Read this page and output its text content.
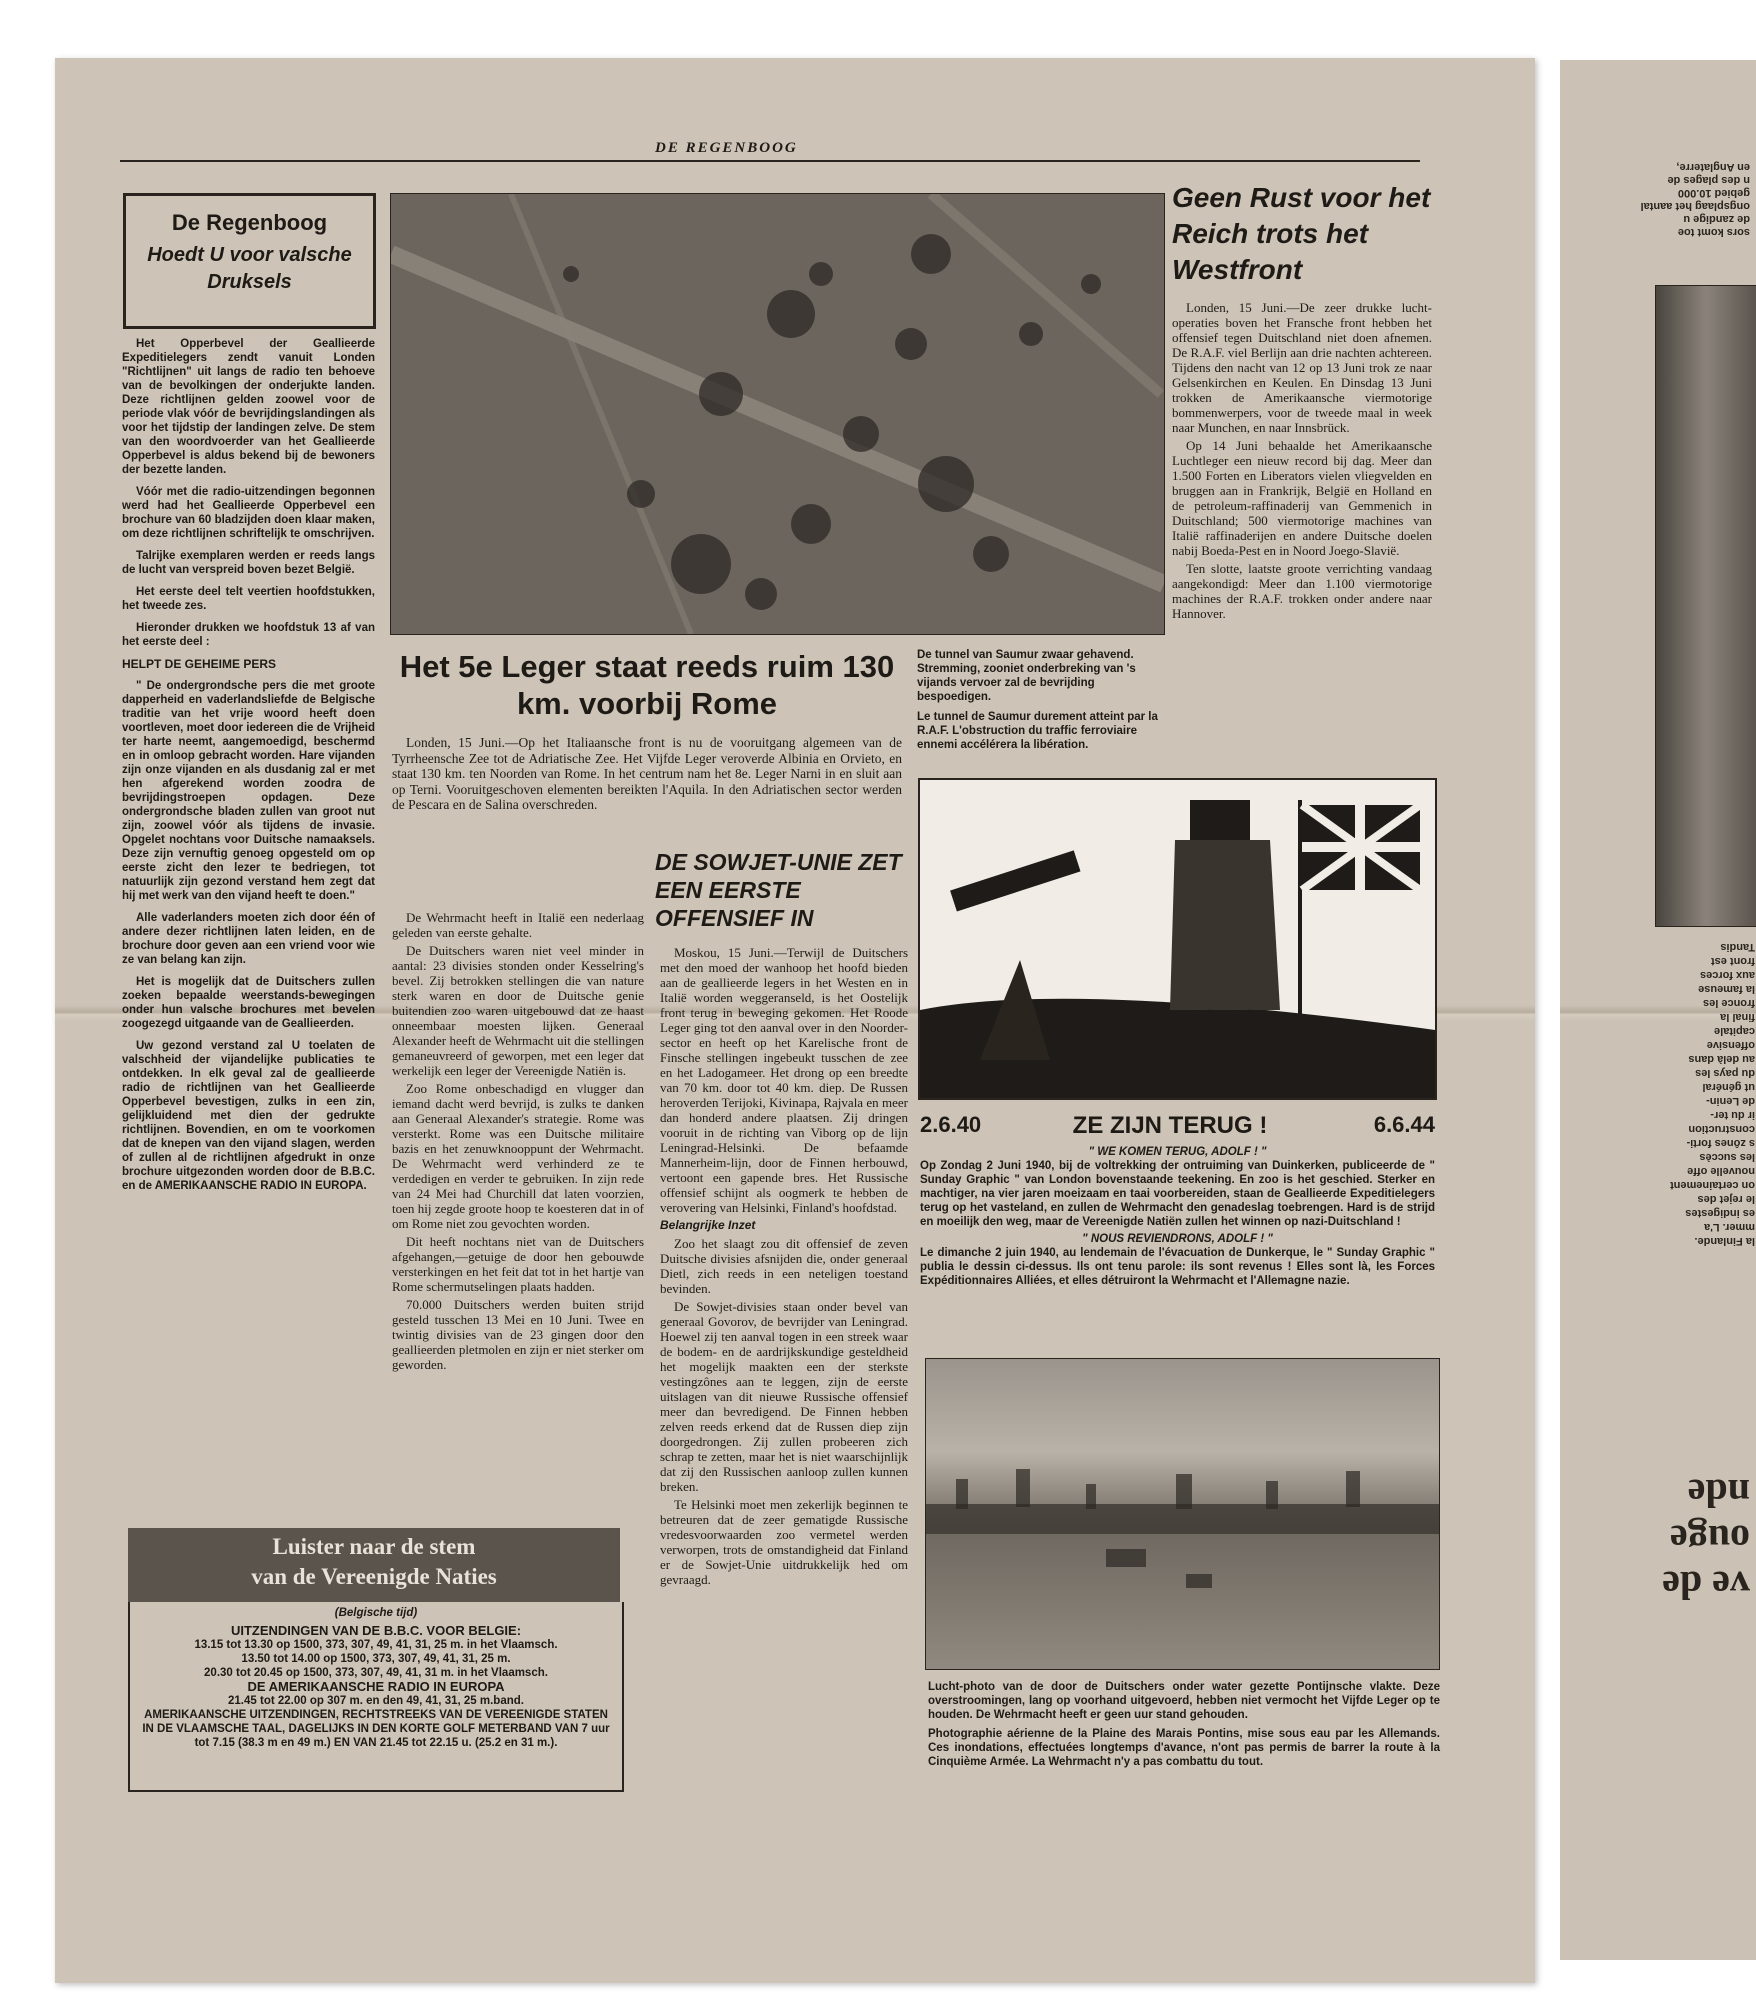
DE REGENBOOG
De Regenboog
Hoedt U voor valsche Druksels

Het Opperbevel der Geallieerde Expeditielegers zendt vanuit Londen "Richtlijnen" uit langs de radio ten behoeve van de bevolkingen der onderjukte landen. Deze richtlijnen gelden zoowel voor de periode vlak vóór de bevrijdingslandingen als voor het tijdstip der landingen zelve. De stem van den woordvoerder van het Geallieerde Opperbevel is aldus bekend bij de bewoners der bezette landen.

Vóór met die radio-uitzendingen begonnen werd had het Geallieerde Opperbevel een brochure van 60 bladzijden doen klaar maken, om deze richtlijnen schriftelijk te omschrijven.

Talrijke exemplaren werden er reeds langs de lucht van verspreid boven bezet België.

Het eerste deel telt veertien hoofdstukken, het tweede zes.

Hieronder drukken we hoofdstuk 13 af van het eerste deel :

HELPT DE GEHEIME PERS

" De ondergrondsche pers die met groote dapperheid en vaderlandsliefde de Belgische traditie van het vrije woord heeft doen voortleven, moet door iedereen die de Vrijheid ter harte neemt, aangemoedigd, beschermd en in omloop gebracht worden. Hare vijanden zijn onze vijanden en als dusdanig zal er met hen afgerekend worden zoodra de bevrijdingstroepen opdagen. Deze ondergrondsche bladen zullen van groot nut zijn, zoowel vóór als tijdens de invasie. Opgelet nochtans voor Duitsche namaaksels. Deze zijn vernuftig genoeg opgesteld om op eerste zicht den lezer te bedriegen, tot natuurlijk zijn gezond verstand hem zegt dat hij met werk van den vijand heeft te doen."

Alle vaderlanders moeten zich door één of andere dezer richtlijnen laten leiden, en de brochure door geven aan een vriend voor wie ze van belang kan zijn.

Het is mogelijk dat de Duitschers zullen zoeken bepaalde weerstands-bewegingen onder hun valsche brochures met bevelen zoogezegd uitgaande van de Geallieerden.

Uw gezond verstand zal U toelaten de valschheid der vijandelijke publicaties te ontdekken. In elk geval zal de geallieerde radio de richtlijnen van het Geallieerde Opperbevel bevestigen, zulks in een zin, gelijkluidend met dien der gedrukte richtlijnen. Bovendien, en om te voorkomen dat de knepen van den vijand slagen, werden of zullen al de richtlijnen afgedrukt in onze brochure uitgezonden worden door de B.B.C. en de AMERIKAANSCHE RADIO IN EUROPA.

Het 5e Leger staat reeds ruim 130 km. voorbij Rome

Londen, 15 Juni.—Op het Italiaansche front is nu de vooruitgang algemeen van de Tyrrheensche Zee tot de Adriatische Zee. Het Vijfde Leger veroverde Albinia en Orvieto, en staat 130 km. ten Noorden van Rome. In het centrum nam het 8e. Leger Narni in en sluit aan op Terni. Vooruitgeschoven elementen bereikten l'Aquila. In den Adriatischen sector werden de Pescara en de Salina overschreden.

De Wehrmacht heeft in Italië een nederlaag geleden van eerste gehalte.

De Duitschers waren niet veel minder in aantal: 23 divisies stonden onder Kesselring's bevel. Zij betrokken stellingen die van nature sterk waren en door de Duitsche genie buitendien zoo waren uitgebouwd dat ze haast onneembaar moesten lijken. Generaal Alexander heeft de Wehrmacht uit die stellingen gemaneuvreerd of geworpen, met een leger dat werkelijk een leger der Vereenigde Natiën is.

Zoo Rome onbeschadigd en vlugger dan iemand dacht werd bevrijd, is zulks te danken aan Generaal Alexander's strategie. Rome was versterkt. Rome was een Duitsche militaire bazis en het zenuwknooppunt der Wehrmacht. De Wehrmacht werd verhinderd ze te verdedigen en verder te gebruiken. In zijn rede van 24 Mei had Churchill dat laten voorzien, toen hij zegde groote hoop te koesteren dat in of om Rome niet zou gevochten worden.

Dit heeft nochtans niet van de Duitschers afgehangen,—getuige de door hen gebouwde versterkingen en het feit dat tot in het hartje van Rome schermutselingen plaats hadden.

70.000 Duitschers werden buiten strijd gesteld tusschen 13 Mei en 10 Juni. Twee en twintig divisies van de 23 gingen door den geallieerden pletmolen en zijn er niet sterker om geworden.

De tunnel van Saumur zwaar gehavend. Stremming, zooniet onderbreking van 's vijands vervoer zal de bevrijding bespoedigen.
Le tunnel de Saumur durement atteint par la R.A.F. L'obstruction du traffic ferroviaire ennemi accélérera la libération.
Geen Rust voor het Reich trots het Westfront

Londen, 15 Juni.—De zeer drukke lucht-operaties boven het Fransche front hebben het offensief tegen Duitschland niet doen afnemen. De R.A.F. viel Berlijn aan drie nachten achtereen. Tijdens den nacht van 12 op 13 Juni trok ze naar Gelsenkirchen en Keulen. En Dinsdag 13 Juni trokken de Amerikaansche viermotorige bommenwerpers, voor de tweede maal in week naar Munchen, en naar Innsbrück.

Op 14 Juni behaalde het Amerikaansche Luchtleger een nieuw record bij dag. Meer dan 1.500 Forten en Liberators vielen vliegvelden en bruggen aan in Frankrijk, België en Holland en de petroleum-raffinaderij van Gemmenich in Duitschland; 500 viermotorige machines van Italië raffinaderijen en andere Duitsche doelen nabij Boeda-Pest en in Noord Joego-Slavië.

Ten slotte, laatste groote verrichting vandaag aangekondigd: Meer dan 1.100 viermotorige machines der R.A.F. trokken onder andere naar Hannover.

DE SOWJET-UNIE ZET EEN EERSTE OFFENSIEF IN

Moskou, 15 Juni.—Terwijl de Duitschers met den moed der wanhoop het hoofd bieden aan de geallieerde legers in het Westen en in Italië worden weggeranseld, is het Oostelijk front terug in beweging gekomen. Het Roode Leger ging tot den aanval over in den Noorder-sector en heeft op het Karelische front de Finsche stellingen ingebeukt tusschen de zee en het Ladogameer. Het drong op een breedte van 70 km. door tot 40 km. diep. De Russen heroverden Terijoki, Kivinapa, Rajvala en meer dan honderd andere plaatsen. Zij dringen vooruit in de richting van Viborg op de lijn Leningrad-Helsinki. De befaamde Mannerheim-lijn, door de Finnen herbouwd, vertoont een gapende bres. Het Russische offensief schijnt als oogmerk te hebben de verovering van Helsinki, Finland's hoofdstad.

Belangrijke Inzet

Zoo het slaagt zou dit offensief de zeven Duitsche divisies afsnijden die, onder generaal Dietl, zich reeds in een neteligen toestand bevinden.

De Sowjet-divisies staan onder bevel van generaal Govorov, de bevrijder van Leningrad. Hoewel zij ten aanval togen in een streek waar de bodem- en de aardrijkskundige gesteldheid het mogelijk maakten een der sterkste vestingzônes aan te leggen, zijn de eerste uitslagen van dit nieuwe Russische offensief meer dan bevredigend. De Finnen hebben zelven reeds erkend dat de Russen diep zijn doorgedrongen. Zij zullen probeeren zich schrap te zetten, maar het is niet waarschijnlijk dat zij den Russischen aanloop zullen kunnen breken.

Te Helsinki moet men zekerlijk beginnen te betreuren dat de zeer gematigde Russische vredesvoorwaarden zoo vermetel werden verworpen, trots de omstandigheid dat Finland er de Sowjet-Unie uitdrukkelijk hed om gevraagd.

2.6.40	ZE ZIJN TERUG !	6.6.44
" WE KOMEN TERUG, ADOLF ! "
Op Zondag 2 Juni 1940, bij de voltrekking der ontruiming van Duinkerken, publiceerde de " Sunday Graphic " van London bovenstaande teekening. En zoo is het geschied. Sterker en machtiger, na vier jaren moeizaam en taai voorbereiden, staan de Geallieerde Expeditielegers terug op het vasteland, en zullen de Wehrmacht den genadeslag toebrengen. Hard is de strijd en moeilijk den weg, maar de Vereenigde Natiën zullen het winnen op nazi-Duitschland !
" NOUS REVIENDRONS, ADOLF ! "
Le dimanche 2 juin 1940, au lendemain de l'évacuation de Dunkerque, le " Sunday Graphic " publia le dessin ci-dessus. Ils ont tenu parole: ils sont revenus ! Elles sont là, les Forces Expéditionnaires Alliées, et elles détruiront la Wehrmacht et l'Allemagne nazie.
Lucht-photo van de door de Duitschers onder water gezette Pontijnsche vlakte. Deze overstroomingen, lang op voorhand uitgevoerd, hebben niet vermocht het Vijfde Leger op te houden. De Wehrmacht heeft er geen uur stand gehouden.
Photographie aérienne de la Plaine des Marais Pontins, mise sous eau par les Allemands. Ces inondations, effectuées longtemps d'avance, n'ont pas permis de barrer la route à la Cinquième Armée. La Wehrmacht n'y a pas combattu du tout.
Luister naar de stem
van de Vereenigde Naties
(Belgische tijd)
UITZENDINGEN VAN DE B.B.C. VOOR BELGIE:
13.15 tot 13.30 op 1500, 373, 307, 49, 41, 31, 25 m. in het Vlaamsch.
13.50 tot 14.00 op 1500, 373, 307, 49, 41, 31, 25 m.
20.30 tot 20.45 op 1500, 373, 307, 49, 41, 31 m. in het Vlaamsch.
DE AMERIKAANSCHE RADIO IN EUROPA
21.45 tot 22.00 op 307 m. en den 49, 41, 31, 25 m.band.
AMERIKAANSCHE UITZENDINGEN, RECHTSTREEKS VAN DE VEREENIGDE STATEN IN DE VLAAMSCHE TAAL, DAGELIJKS IN DEN KORTE GOLF METERBAND VAN 7 uur tot 7.15 (38.3 m en 49 m.) EN VAN 21.45 tot 22.15 u. (25.2 en 31 m.).
ve de
ouge
nde
sors komt toe
de zandige u
ongsplaag het aantal
gebied 10.000
n des plages de
en Anglaterre,
la Finlande.
mmer. L'a
es indigestes
le rejet des
on certainement
nouvelle offe
les succès
s zônes forti-
construction
ir du ter-
de Lenin-
ut général
du pays les
au delà dans
offensive
capitale
final la
fronce les
la fameuse
aux forces
front est
Tandis
